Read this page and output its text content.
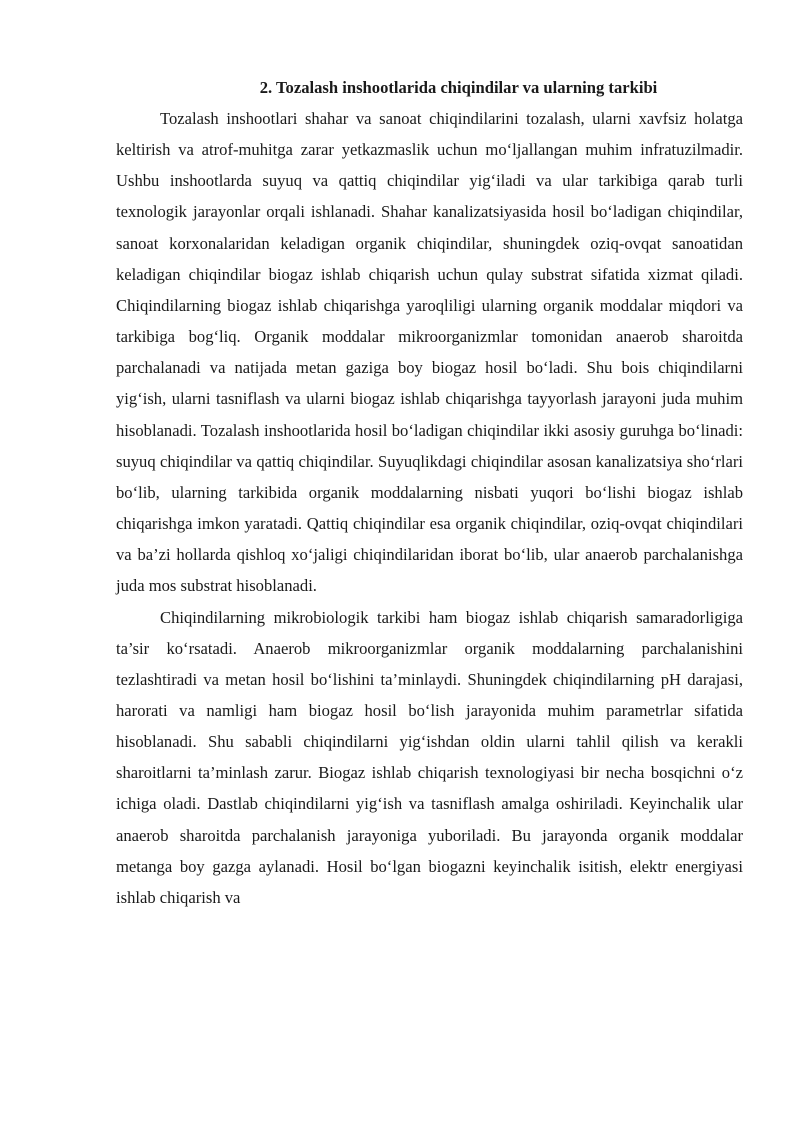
2. Tozalash inshootlarida chiqindilar va ularning tarkibi

Tozalash inshootlari shahar va sanoat chiqindilarini tozalash, ularni xavfsiz holatga keltirish va atrof-muhitga zarar yetkazmaslik uchun mo‘ljallangan muhim infratuzilmadir. Ushbu inshootlarda suyuq va qattiq chiqindilar yig‘iladi va ular tarkibiga qarab turli texnologik jarayonlar orqali ishlanadi. Shahar kanalizatsiyasida hosil bo‘ladigan chiqindilar, sanoat korxonalaridan keladigan organik chiqindilar, shuningdek oziq-ovqat sanoatidan keladigan chiqindilar biogaz ishlab chiqarish uchun qulay substrat sifatida xizmat qiladi. Chiqindilarning biogaz ishlab chiqarishga yaroqliligi ularning organik moddalar miqdori va tarkibiga bog‘liq. Organik moddalar mikroorganizmlar tomonidan anaerob sharoitda parchalanadi va natijada metan gaziga boy biogaz hosil bo‘ladi. Shu bois chiqindilarni yig‘ish, ularni tasniflash va ularni biogaz ishlab chiqarishga tayyorlash jarayoni juda muhim hisoblanadi. Tozalash inshootlarida hosil bo‘ladigan chiqindilar ikki asosiy guruhga bo‘linadi: suyuq chiqindilar va qattiq chiqindilar. Suyuqlikdagi chiqindilar asosan kanalizatsiya sho‘rlari bo‘lib, ularning tarkibida organik moddalarning nisbati yuqori bo‘lishi biogaz ishlab chiqarishga imkon yaratadi. Qattiq chiqindilar esa organik chiqindilar, oziq-ovqat chiqindilari va ba’zi hollarda qishloq xo‘jaligi chiqindilaridan iborat bo‘lib, ular anaerob parchalanishga juda mos substrat hisoblanadi.

Chiqindilarning mikrobiologik tarkibi ham biogaz ishlab chiqarish samaradorligiga ta’sir ko‘rsatadi. Anaerob mikroorganizmlar organik moddalarning parchalanishini tezlashtiradi va metan hosil bo‘lishini ta’minlaydi. Shuningdek chiqindilarning pH darajasi, harorati va namligi ham biogaz hosil bo‘lish jarayonida muhim parametrlar sifatida hisoblanadi. Shu sababli chiqindilarni yig‘ishdan oldin ularni tahlil qilish va kerakli sharoitlarni ta’minlash zarur. Biogaz ishlab chiqarish texnologiyasi bir necha bosqichni o‘z ichiga oladi. Dastlab chiqindilarni yig‘ish va tasniflash amalga oshiriladi. Keyinchalik ular anaerob sharoitda parchalanish jarayoniga yuboriladi. Bu jarayonda organik moddalar metanga boy gazga aylanadi. Hosil bo‘lgan biogazni keyinchalik isitish, elektr energiyasi ishlab chiqarish va
